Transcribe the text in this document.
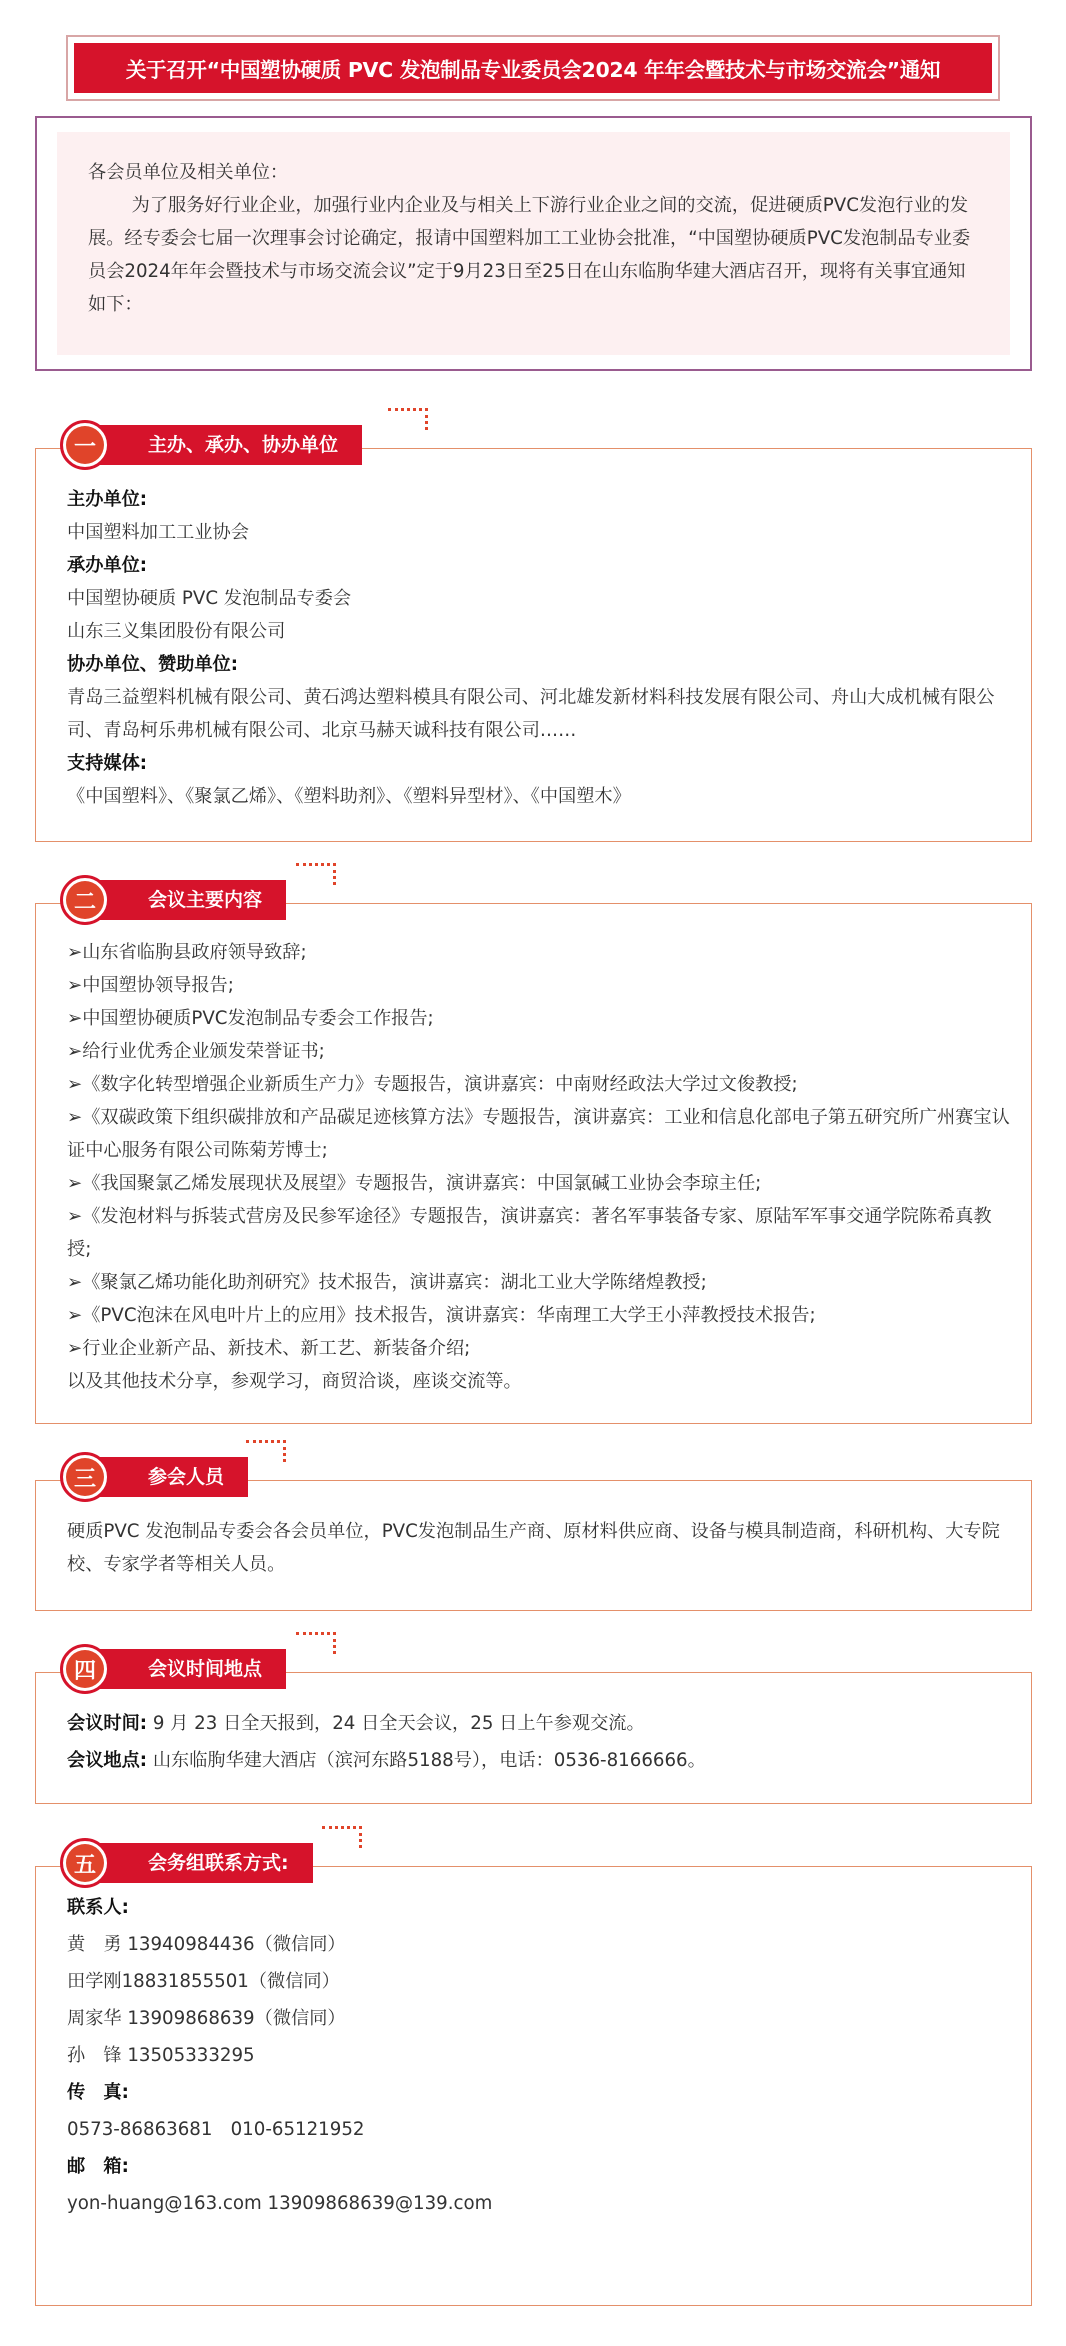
关于召开“中国塑协硬质 PVC 发泡制品专业委员会2024 年年会暨技术与市场交流会”通知

各会员单位及相关单位：

为了服务好行业企业，加强行业内企业及与相关上下游行业企业之间的交流，促进硬质PVC发泡行业的发展。经专委会七届一次理事会讨论确定，报请中国塑料加工工业协会批准，“中国塑协硬质PVC发泡制品专业委员会2024年年会暨技术与市场交流会议”定于9月23日至25日在山东临朐华建大酒店召开，现将有关事宜通知如下：

主办、承办、协办单位
一

主办单位:

中国塑料加工工业协会

承办单位:

中国塑协硬质 PVC 发泡制品专委会

山东三义集团股份有限公司

协办单位、赞助单位:

青岛三益塑料机械有限公司、黄石鸿达塑料模具有限公司、河北雄发新材料科技发展有限公司、舟山大成机械有限公司、青岛柯乐弗机械有限公司、北京马赫天诚科技有限公司……

支持媒体:

《中国塑料》、《聚氯乙烯》、《塑料助剂》、《塑料异型材》、《中国塑木》

会议主要内容
二

➢山东省临朐县政府领导致辞;

➢中国塑协领导报告;

➢中国塑协硬质PVC发泡制品专委会工作报告;

➢给行业优秀企业颁发荣誉证书;

➢《数字化转型增强企业新质生产力》专题报告，演讲嘉宾：中南财经政法大学过文俊教授;

➢《双碳政策下组织碳排放和产品碳足迹核算方法》专题报告，演讲嘉宾：工业和信息化部电子第五研究所广州赛宝认证中心服务有限公司陈菊芳博士;

➢《我国聚氯乙烯发展现状及展望》专题报告，演讲嘉宾：中国氯碱工业协会李琼主任;

➢《发泡材料与拆装式营房及民参军途径》专题报告，演讲嘉宾：著名军事装备专家、原陆军军事交通学院陈希真教授;

➢《聚氯乙烯功能化助剂研究》技术报告，演讲嘉宾：湖北工业大学陈绪煌教授;

➢《PVC泡沫在风电叶片上的应用》技术报告，演讲嘉宾：华南理工大学王小萍教授技术报告;

➢行业企业新产品、新技术、新工艺、新装备介绍;

以及其他技术分享，参观学习，商贸洽谈，座谈交流等。

参会人员
三

硬质PVC 发泡制品专委会各会员单位，PVC发泡制品生产商、原材料供应商、设备与模具制造商，科研机构、大专院校、专家学者等相关人员。

会议时间地点
四

会议时间: 9 月 23 日全天报到，24 日全天会议，25 日上午参观交流。

会议地点: 山东临朐华建大酒店（滨河东路5188号），电话：0536-8166666。

会务组联系方式:
五

联系人:

黄　勇 13940984436（微信同）

田学刚18831855501（微信同）

周家华 13909868639（微信同）

孙　锋 13505333295

传　真:

0573-86863681　010-65121952

邮　箱:

yon-huang@163.com 13909868639@139.com
